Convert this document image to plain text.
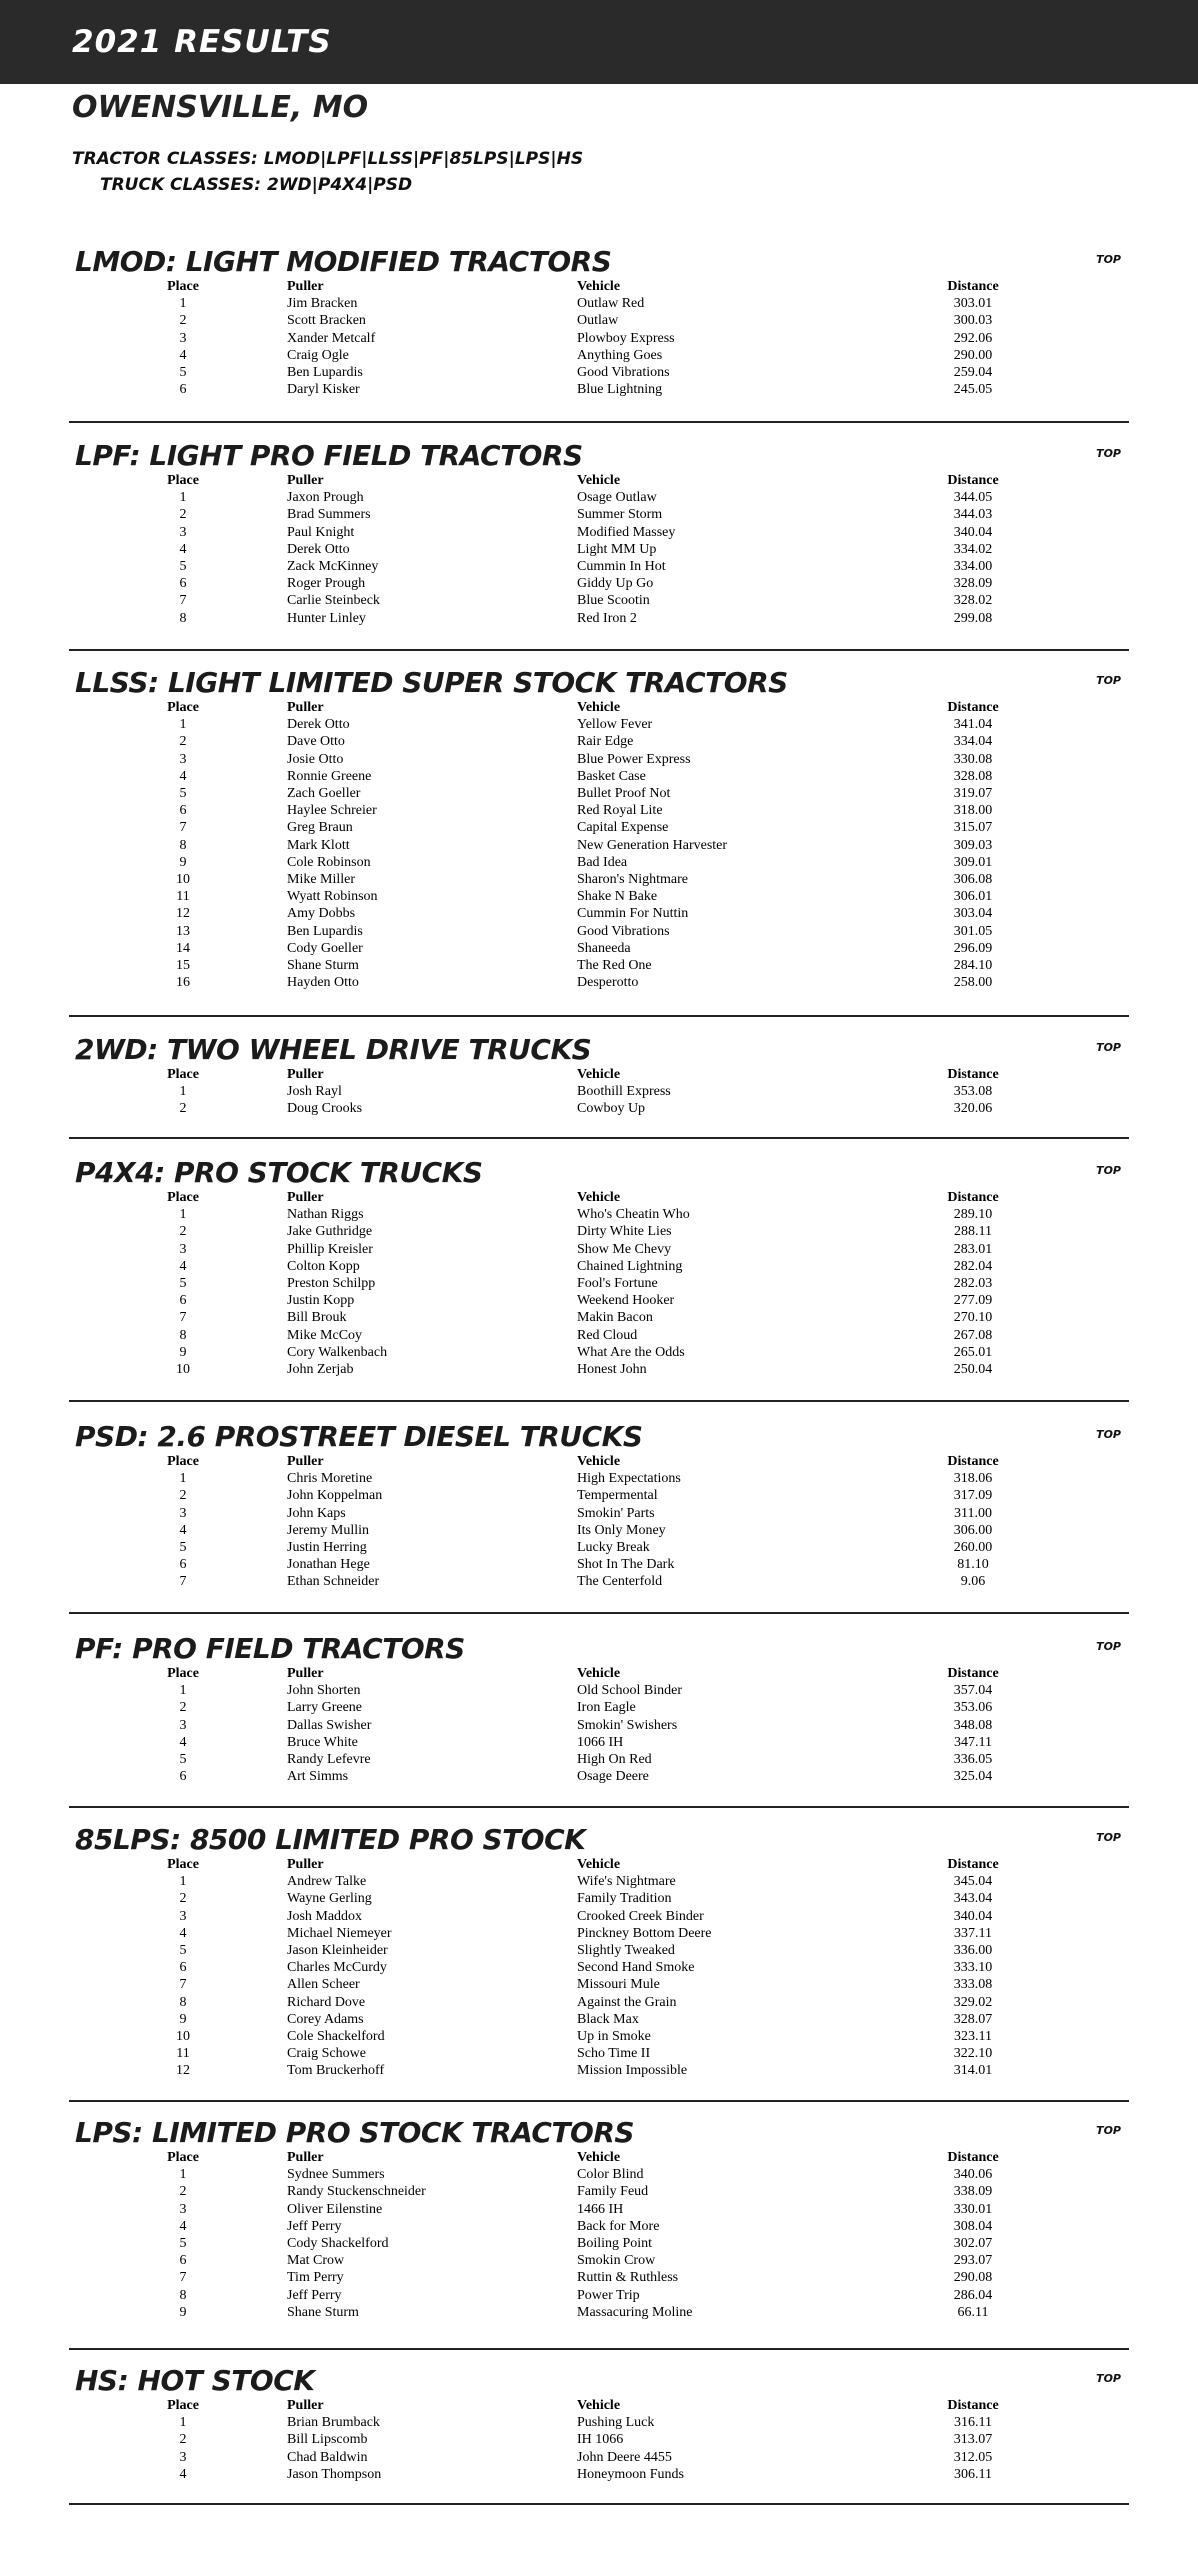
2021 RESULTS
OWENSVILLE, MO
TRACTOR CLASSES: LMOD|LPF|LLSS|PF|85LPS|LPS|HS
TRUCK CLASSES: 2WD|P4X4|PSD
LMOD: LIGHT MODIFIED TRACTORS	TOP
Place	Puller	Vehicle	Distance
1	Jim Bracken	Outlaw Red	303.01
2	Scott Bracken	Outlaw	300.03
3	Xander Metcalf	Plowboy Express	292.06
4	Craig Ogle	Anything Goes	290.00
5	Ben Lupardis	Good Vibrations	259.04
6	Daryl Kisker	Blue Lightning	245.05
LPF: LIGHT PRO FIELD TRACTORS	TOP
Place	Puller	Vehicle	Distance
1	Jaxon Prough	Osage Outlaw	344.05
2	Brad Summers	Summer Storm	344.03
3	Paul Knight	Modified Massey	340.04
4	Derek Otto	Light MM Up	334.02
5	Zack McKinney	Cummin In Hot	334.00
6	Roger Prough	Giddy Up Go	328.09
7	Carlie Steinbeck	Blue Scootin	328.02
8	Hunter Linley	Red Iron 2	299.08
LLSS: LIGHT LIMITED SUPER STOCK TRACTORS	TOP
Place	Puller	Vehicle	Distance
1	Derek Otto	Yellow Fever	341.04
2	Dave Otto	Rair Edge	334.04
3	Josie Otto	Blue Power Express	330.08
4	Ronnie Greene	Basket Case	328.08
5	Zach Goeller	Bullet Proof Not	319.07
6	Haylee Schreier	Red Royal Lite	318.00
7	Greg Braun	Capital Expense	315.07
8	Mark Klott	New Generation Harvester	309.03
9	Cole Robinson	Bad Idea	309.01
10	Mike Miller	Sharon's Nightmare	306.08
11	Wyatt Robinson	Shake N Bake	306.01
12	Amy Dobbs	Cummin For Nuttin	303.04
13	Ben Lupardis	Good Vibrations	301.05
14	Cody Goeller	Shaneeda	296.09
15	Shane Sturm	The Red One	284.10
16	Hayden Otto	Desperotto	258.00
2WD: TWO WHEEL DRIVE TRUCKS	TOP
Place	Puller	Vehicle	Distance
1	Josh Rayl	Boothill Express	353.08
2	Doug Crooks	Cowboy Up	320.06
P4X4: PRO STOCK TRUCKS	TOP
Place	Puller	Vehicle	Distance
1	Nathan Riggs	Who's Cheatin Who	289.10
2	Jake Guthridge	Dirty White Lies	288.11
3	Phillip Kreisler	Show Me Chevy	283.01
4	Colton Kopp	Chained Lightning	282.04
5	Preston Schilpp	Fool's Fortune	282.03
6	Justin Kopp	Weekend Hooker	277.09
7	Bill Brouk	Makin Bacon	270.10
8	Mike McCoy	Red Cloud	267.08
9	Cory Walkenbach	What Are the Odds	265.01
10	John Zerjab	Honest John	250.04
PSD: 2.6 PROSTREET DIESEL TRUCKS	TOP
Place	Puller	Vehicle	Distance
1	Chris Moretine	High Expectations	318.06
2	John Koppelman	Tempermental	317.09
3	John Kaps	Smokin' Parts	311.00
4	Jeremy Mullin	Its Only Money	306.00
5	Justin Herring	Lucky Break	260.00
6	Jonathan Hege	Shot In The Dark	81.10
7	Ethan Schneider	The Centerfold	9.06
PF: PRO FIELD TRACTORS	TOP
Place	Puller	Vehicle	Distance
1	John Shorten	Old School Binder	357.04
2	Larry Greene	Iron Eagle	353.06
3	Dallas Swisher	Smokin' Swishers	348.08
4	Bruce White	1066 IH	347.11
5	Randy Lefevre	High On Red	336.05
6	Art Simms	Osage Deere	325.04
85LPS: 8500 LIMITED PRO STOCK	TOP
Place	Puller	Vehicle	Distance
1	Andrew Talke	Wife's Nightmare	345.04
2	Wayne Gerling	Family Tradition	343.04
3	Josh Maddox	Crooked Creek Binder	340.04
4	Michael Niemeyer	Pinckney Bottom Deere	337.11
5	Jason Kleinheider	Slightly Tweaked	336.00
6	Charles McCurdy	Second Hand Smoke	333.10
7	Allen Scheer	Missouri Mule	333.08
8	Richard Dove	Against the Grain	329.02
9	Corey Adams	Black Max	328.07
10	Cole Shackelford	Up in Smoke	323.11
11	Craig Schowe	Scho Time II	322.10
12	Tom Bruckerhoff	Mission Impossible	314.01
LPS: LIMITED PRO STOCK TRACTORS	TOP
Place	Puller	Vehicle	Distance
1	Sydnee Summers	Color Blind	340.06
2	Randy Stuckenschneider	Family Feud	338.09
3	Oliver Eilenstine	1466 IH	330.01
4	Jeff Perry	Back for More	308.04
5	Cody Shackelford	Boiling Point	302.07
6	Mat Crow	Smokin Crow	293.07
7	Tim Perry	Ruttin & Ruthless	290.08
8	Jeff Perry	Power Trip	286.04
9	Shane Sturm	Massacuring Moline	66.11
HS: HOT STOCK	TOP
Place	Puller	Vehicle	Distance
1	Brian Brumback	Pushing Luck	316.11
2	Bill Lipscomb	IH 1066	313.07
3	Chad Baldwin	John Deere 4455	312.05
4	Jason Thompson	Honeymoon Funds	306.11
